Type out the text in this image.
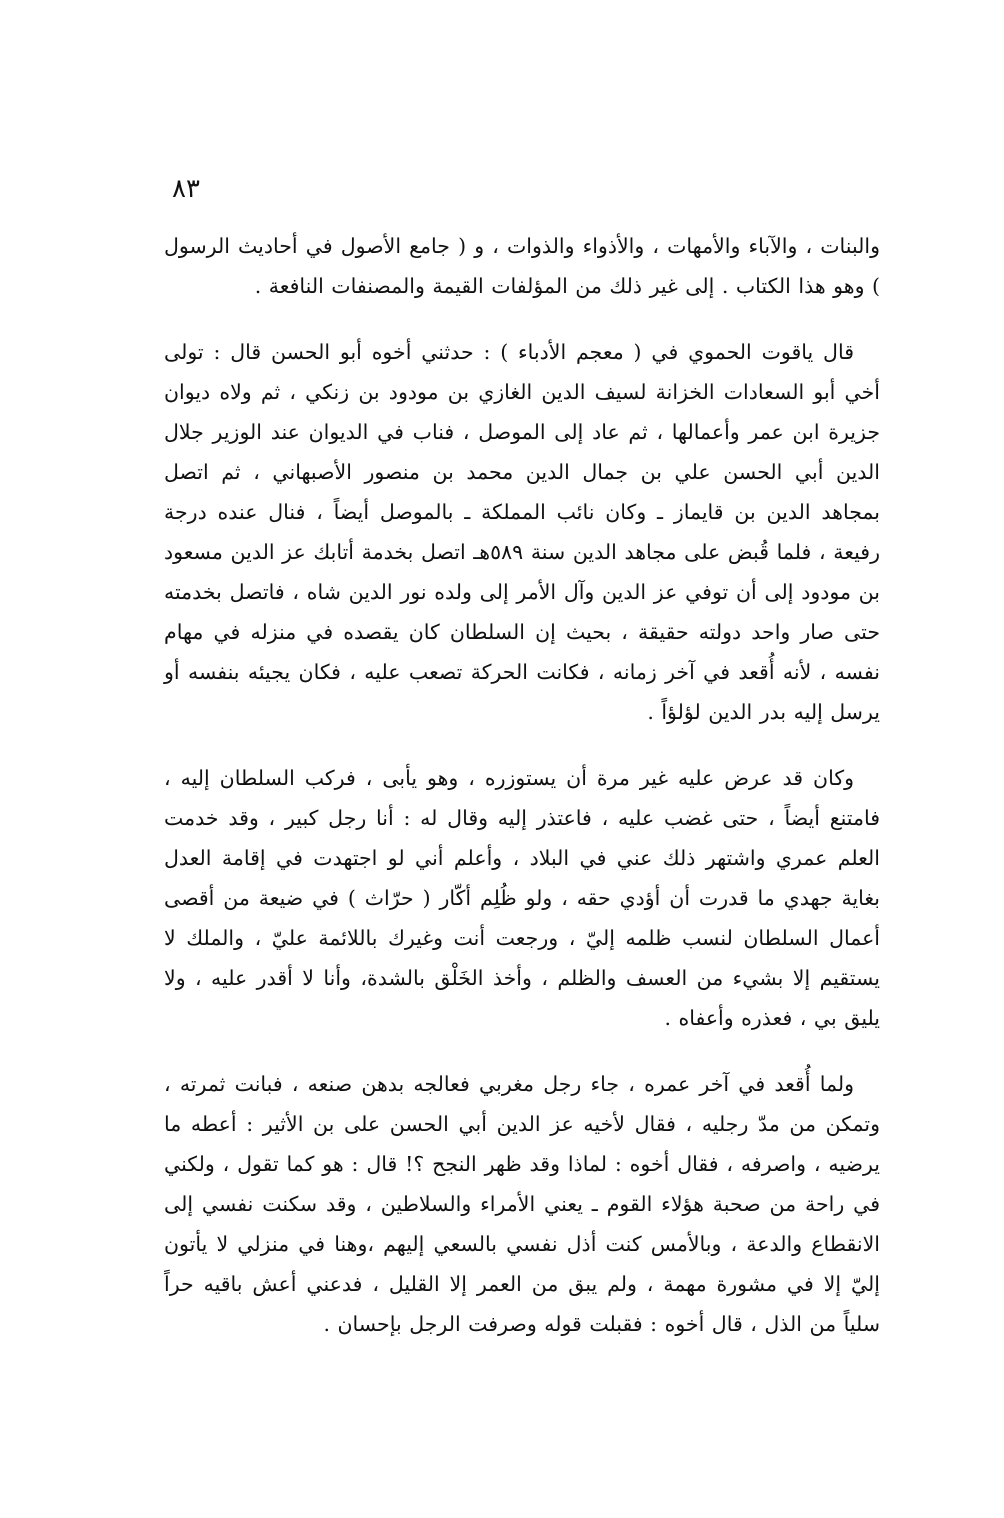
٨٣

والبنات ، والآباء والأمهات ، والأذواء والذوات ، و ( جامع الأصول في أحاديث الرسول ) وهو هذا الكتاب . إلى غير ذلك من المؤلفات القيمة والمصنفات النافعة .

قال ياقوت الحموي في ( معجم الأدباء ) : حدثني أخوه أبو الحسن قال : تولى أخي أبو السعادات الخزانة لسيف الدين الغازي بن مودود بن زنكي ، ثم ولاه ديوان جزيرة ابن عمر وأعمالها ، ثم عاد إلى الموصل ، فناب في الديوان عند الوزير جلال الدين أبي الحسن علي بن جمال الدين محمد بن منصور الأصبهاني ، ثم اتصل بمجاهد الدين بن قايماز ـ وكان نائب المملكة ـ بالموصل أيضاً ، فنال عنده درجة رفيعة ، فلما قُبض على مجاهد الدين سنة ٥٨٩هـ اتصل بخدمة أتابك عز الدين مسعود بن مودود إلى أن توفي عز الدين وآل الأمر إلى ولده نور الدين شاه ، فاتصل بخدمته حتى صار واحد دولته حقيقة ، بحيث إن السلطان كان يقصده في منزله في مهام نفسه ، لأنه أُقعد في آخر زمانه ، فكانت الحركة تصعب عليه ، فكان يجيئه بنفسه أو يرسل إليه بدر الدين لؤلؤاً .

وكان قد عرض عليه غير مرة أن يستوزره ، وهو يأبى ، فركب السلطان إليه ، فامتنع أيضاً ، حتى غضب عليه ، فاعتذر إليه وقال له : أنا رجل كبير ، وقد خدمت العلم عمري واشتهر ذلك عني في البلاد ، وأعلم أني لو اجتهدت في إقامة العدل بغاية جهدي ما قدرت أن أؤدي حقه ، ولو ظُلِم أكّار ( حرّاث ) في ضيعة من أقصى أعمال السلطان لنسب ظلمه إليّ ، ورجعت أنت وغيرك باللائمة عليّ ، والملك لا يستقيم إلا بشيء من العسف والظلم ، وأخذ الخَلْق بالشدة، وأنا لا أقدر عليه ، ولا يليق بي ، فعذره وأعفاه .

ولما أُقعد في آخر عمره ، جاء رجل مغربي فعالجه بدهن صنعه ، فبانت ثمرته ، وتمكن من مدّ رجليه ، فقال لأخيه عز الدين أبي الحسن على بن الأثير : أعطه ما يرضيه ، واصرفه ، فقال أخوه : لماذا وقد ظهر النجح ؟! قال : هو كما تقول ، ولكني في راحة من صحبة هؤلاء القوم ـ يعني الأمراء والسلاطين ، وقد سكنت نفسي إلى الانقطاع والدعة ، وبالأمس كنت أذل نفسي بالسعي إليهم ،وهنا في منزلي لا يأتون إليّ إلا في مشورة مهمة ، ولم يبق من العمر إلا القليل ، فدعني أعش باقيه حراً سلياً من الذل ، قال أخوه : فقبلت قوله وصرفت الرجل بإحسان .
